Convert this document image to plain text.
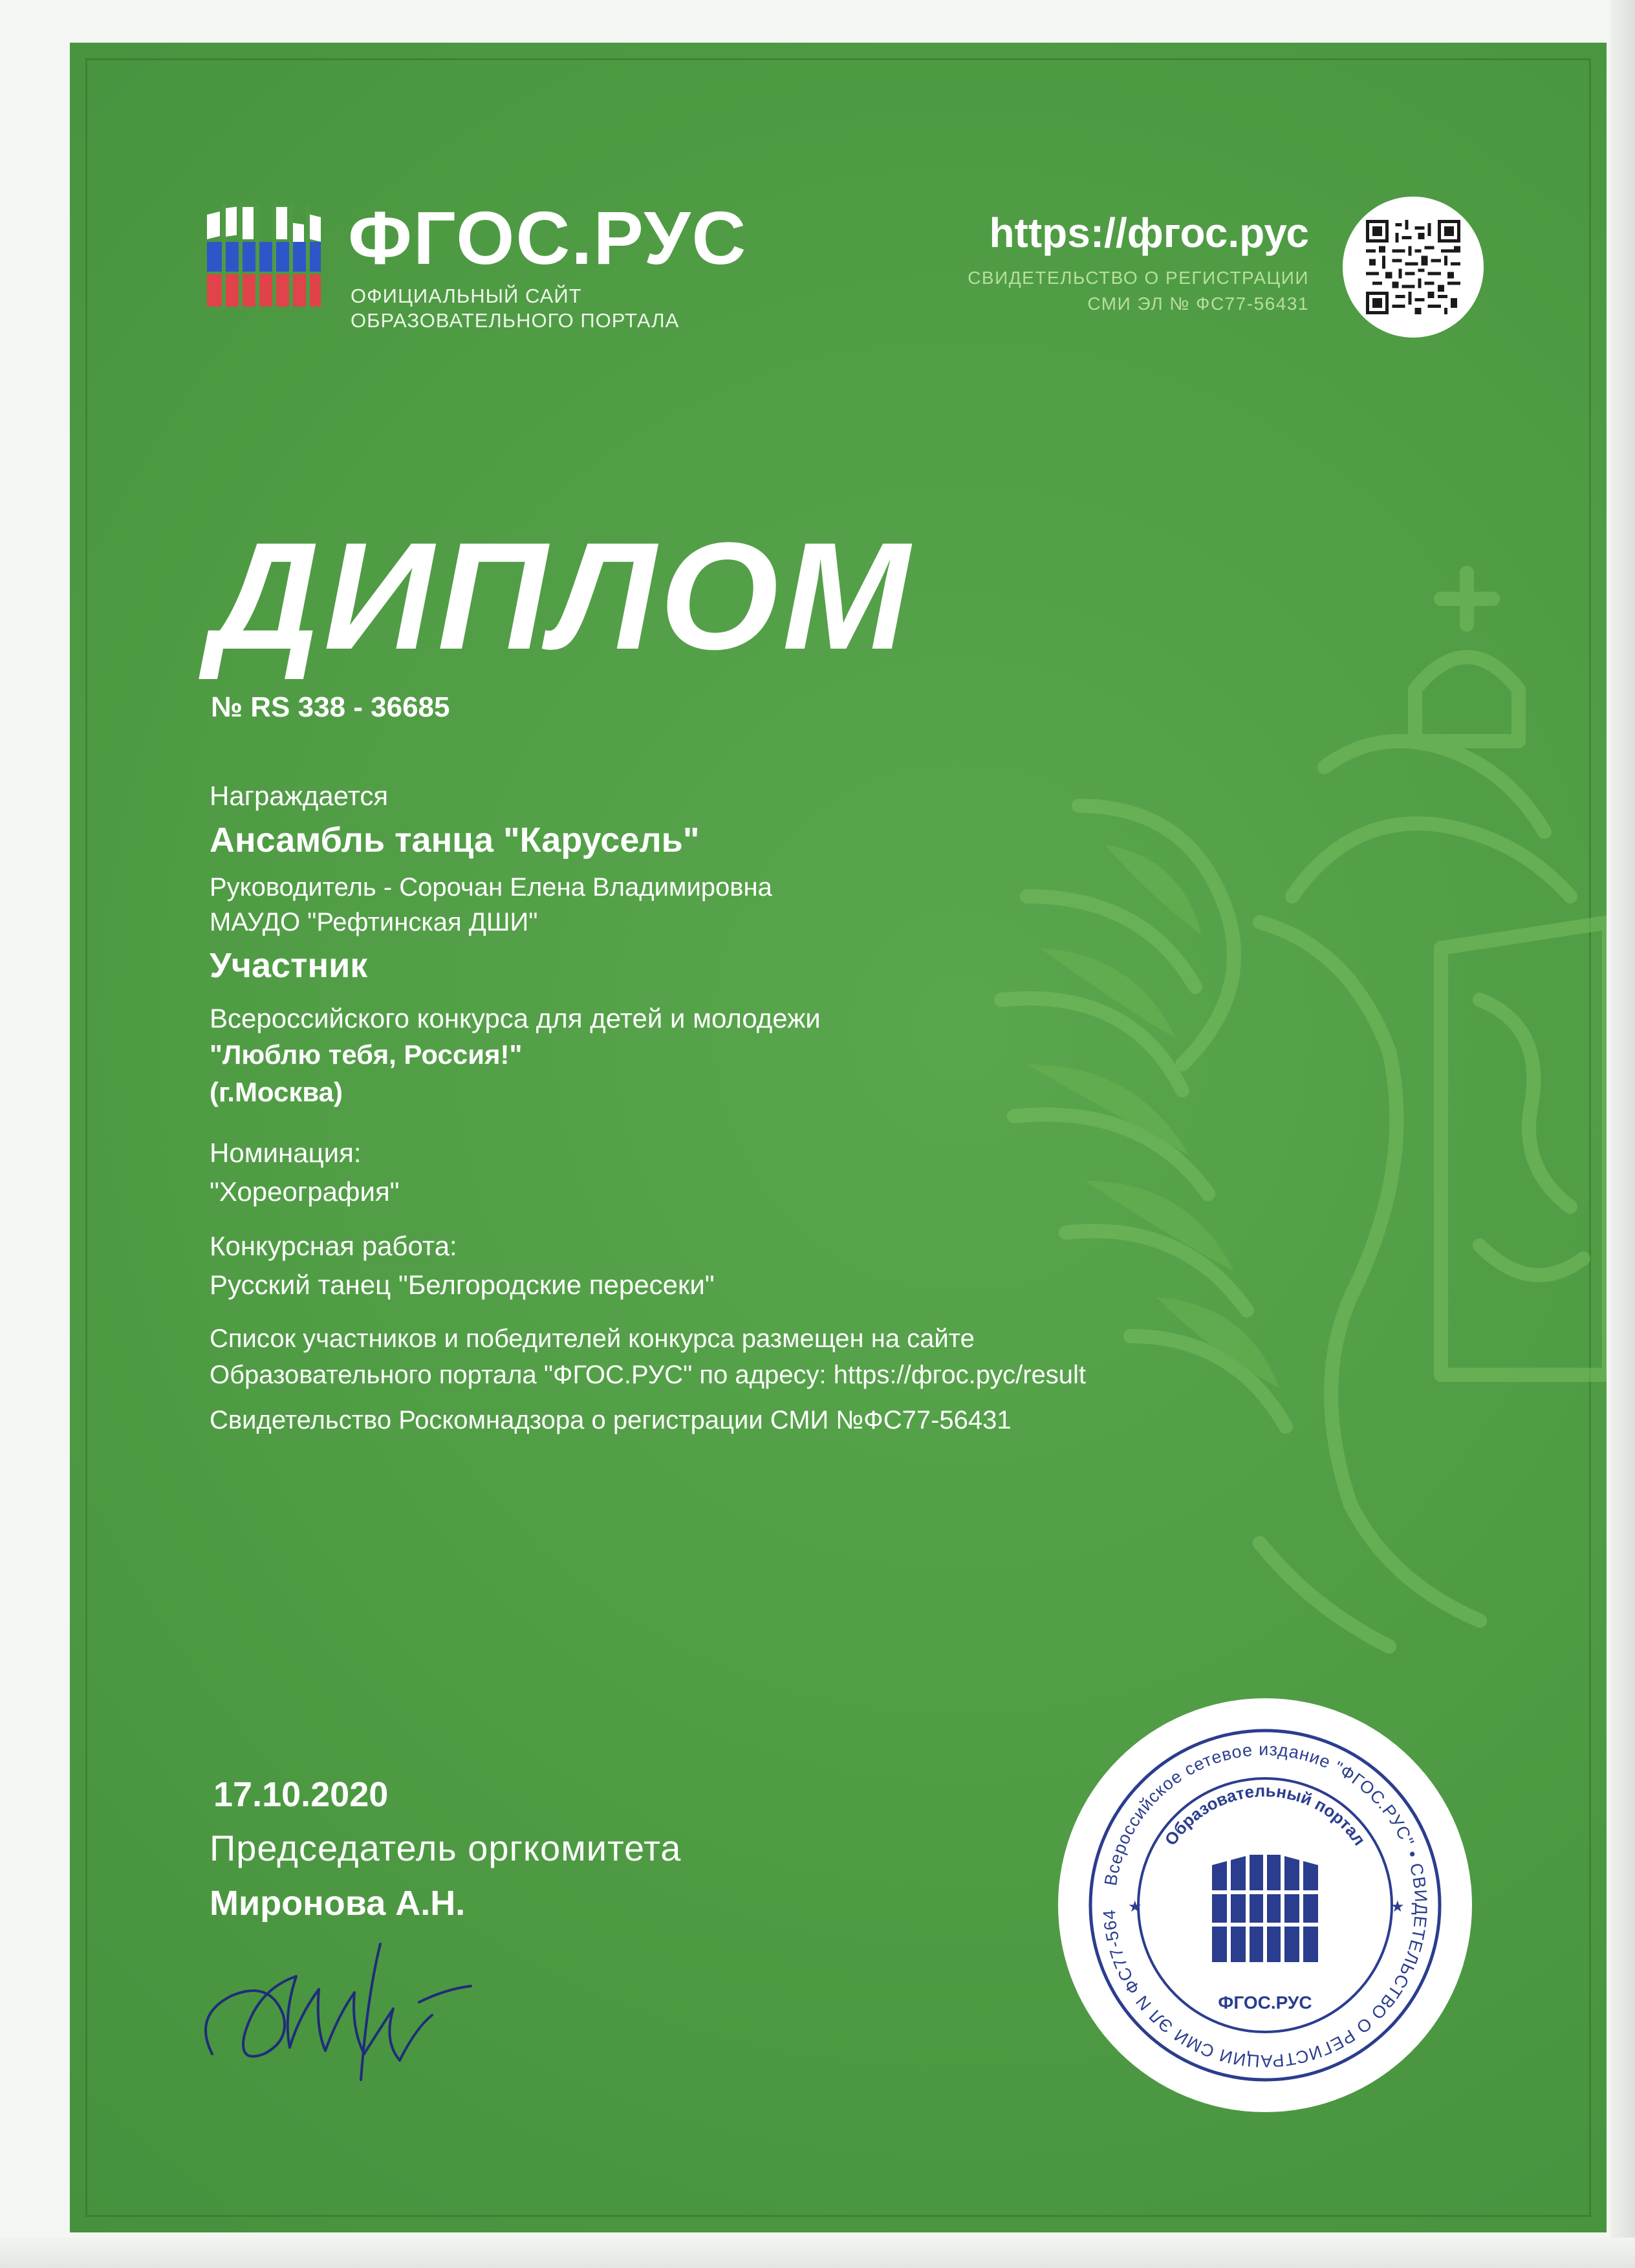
ФГОС.РУС
ОФИЦИАЛЬНЫЙ САЙТ
ОБРАЗОВАТЕЛЬНОГО ПОРТАЛА
https://фгос.рус
СВИДЕТЕЛЬСТВО О РЕГИСТРАЦИИ
СМИ ЭЛ № ФС77-56431
ДИПЛОМ
№ RS 338 - 36685
Награждается
Ансамбль танца "Карусель"
Руководитель - Сорочан Елена Владимировна
МАУДО "Рефтинская ДШИ"
Участник
Всероссийского конкурса для детей и молодежи
"Люблю тебя, Россия!"
(г.Москва)
Номинация:
"Хореография"
Конкурсная работа:
Русский танец "Белгородские пересеки"
Список участников и победителей конкурса размещен на сайте
Образовательного портала "ФГОС.РУС" по адресу: https://фгос.рус/result
Свидетельство Роскомнадзора о регистрации СМИ №ФС77-56431
17.10.2020
Председатель оргкомитета
Миронова А.Н.
Всероссийское сетевое издание "ФГОС.РУС" • СВИДЕТЕЛЬСТВО О РЕГИСТРАЦИИ СМИ ЭЛ N ФС77-564
Образовательный портал
ФГОС.РУС
★	★
